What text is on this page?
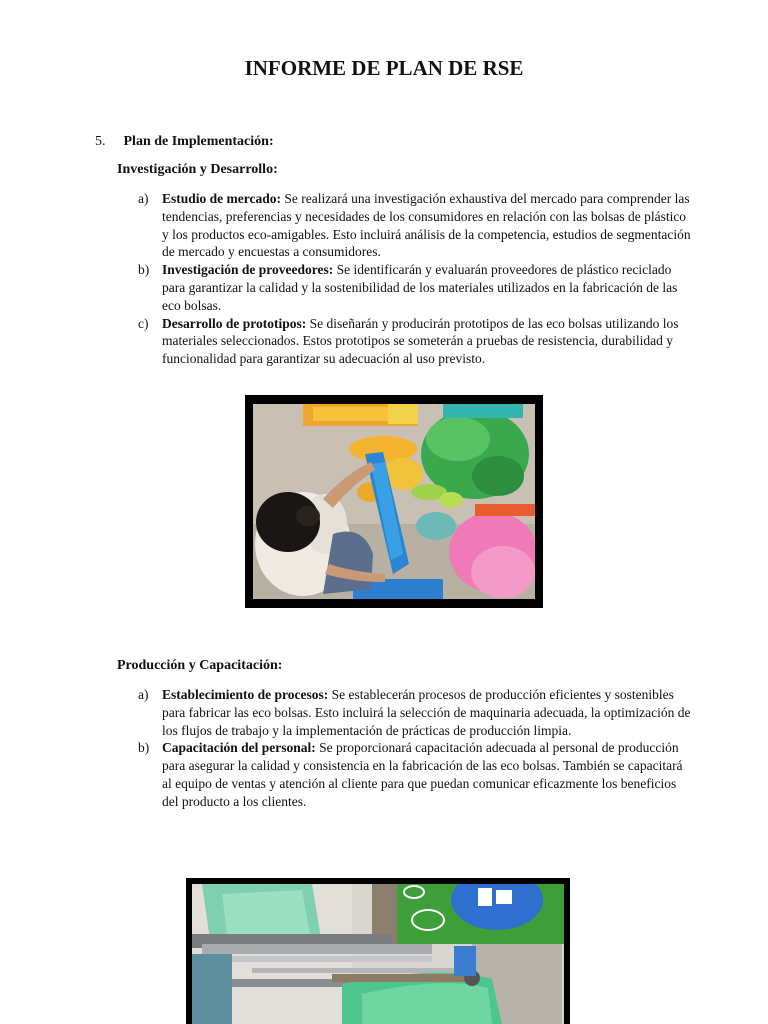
INFORME DE PLAN DE RSE
5. Plan de Implementación:

Investigación y Desarrollo:

a) Estudio de mercado: Se realizará una investigación exhaustiva del mercado para comprender las tendencias, preferencias y necesidades de los consumidores en relación con las bolsas de plástico y los productos eco-amigables. Esto incluirá análisis de la competencia, estudios de segmentación de mercado y encuestas a consumidores.
b) Investigación de proveedores: Se identificarán y evaluarán proveedores de plástico reciclado para garantizar la calidad y la sostenibilidad de los materiales utilizados en la fabricación de las eco bolsas.
c) Desarrollo de prototipos: Se diseñarán y producirán prototipos de las eco bolsas utilizando los materiales seleccionados. Estos prototipos se someterán a pruebas de resistencia, durabilidad y funcionalidad para garantizar su adecuación al uso previsto.

Producción y Capacitación:

a) Establecimiento de procesos: Se establecerán procesos de producción eficientes y sostenibles para fabricar las eco bolsas. Esto incluirá la selección de maquinaria adecuada, la optimización de los flujos de trabajo y la implementación de prácticas de producción limpia.
b) Capacitación del personal: Se proporcionará capacitación adecuada al personal de producción para asegurar la calidad y consistencia en la fabricación de las eco bolsas. También se capacitará al equipo de ventas y atención al cliente para que puedan comunicar eficazmente los beneficios del producto a los clientes.
